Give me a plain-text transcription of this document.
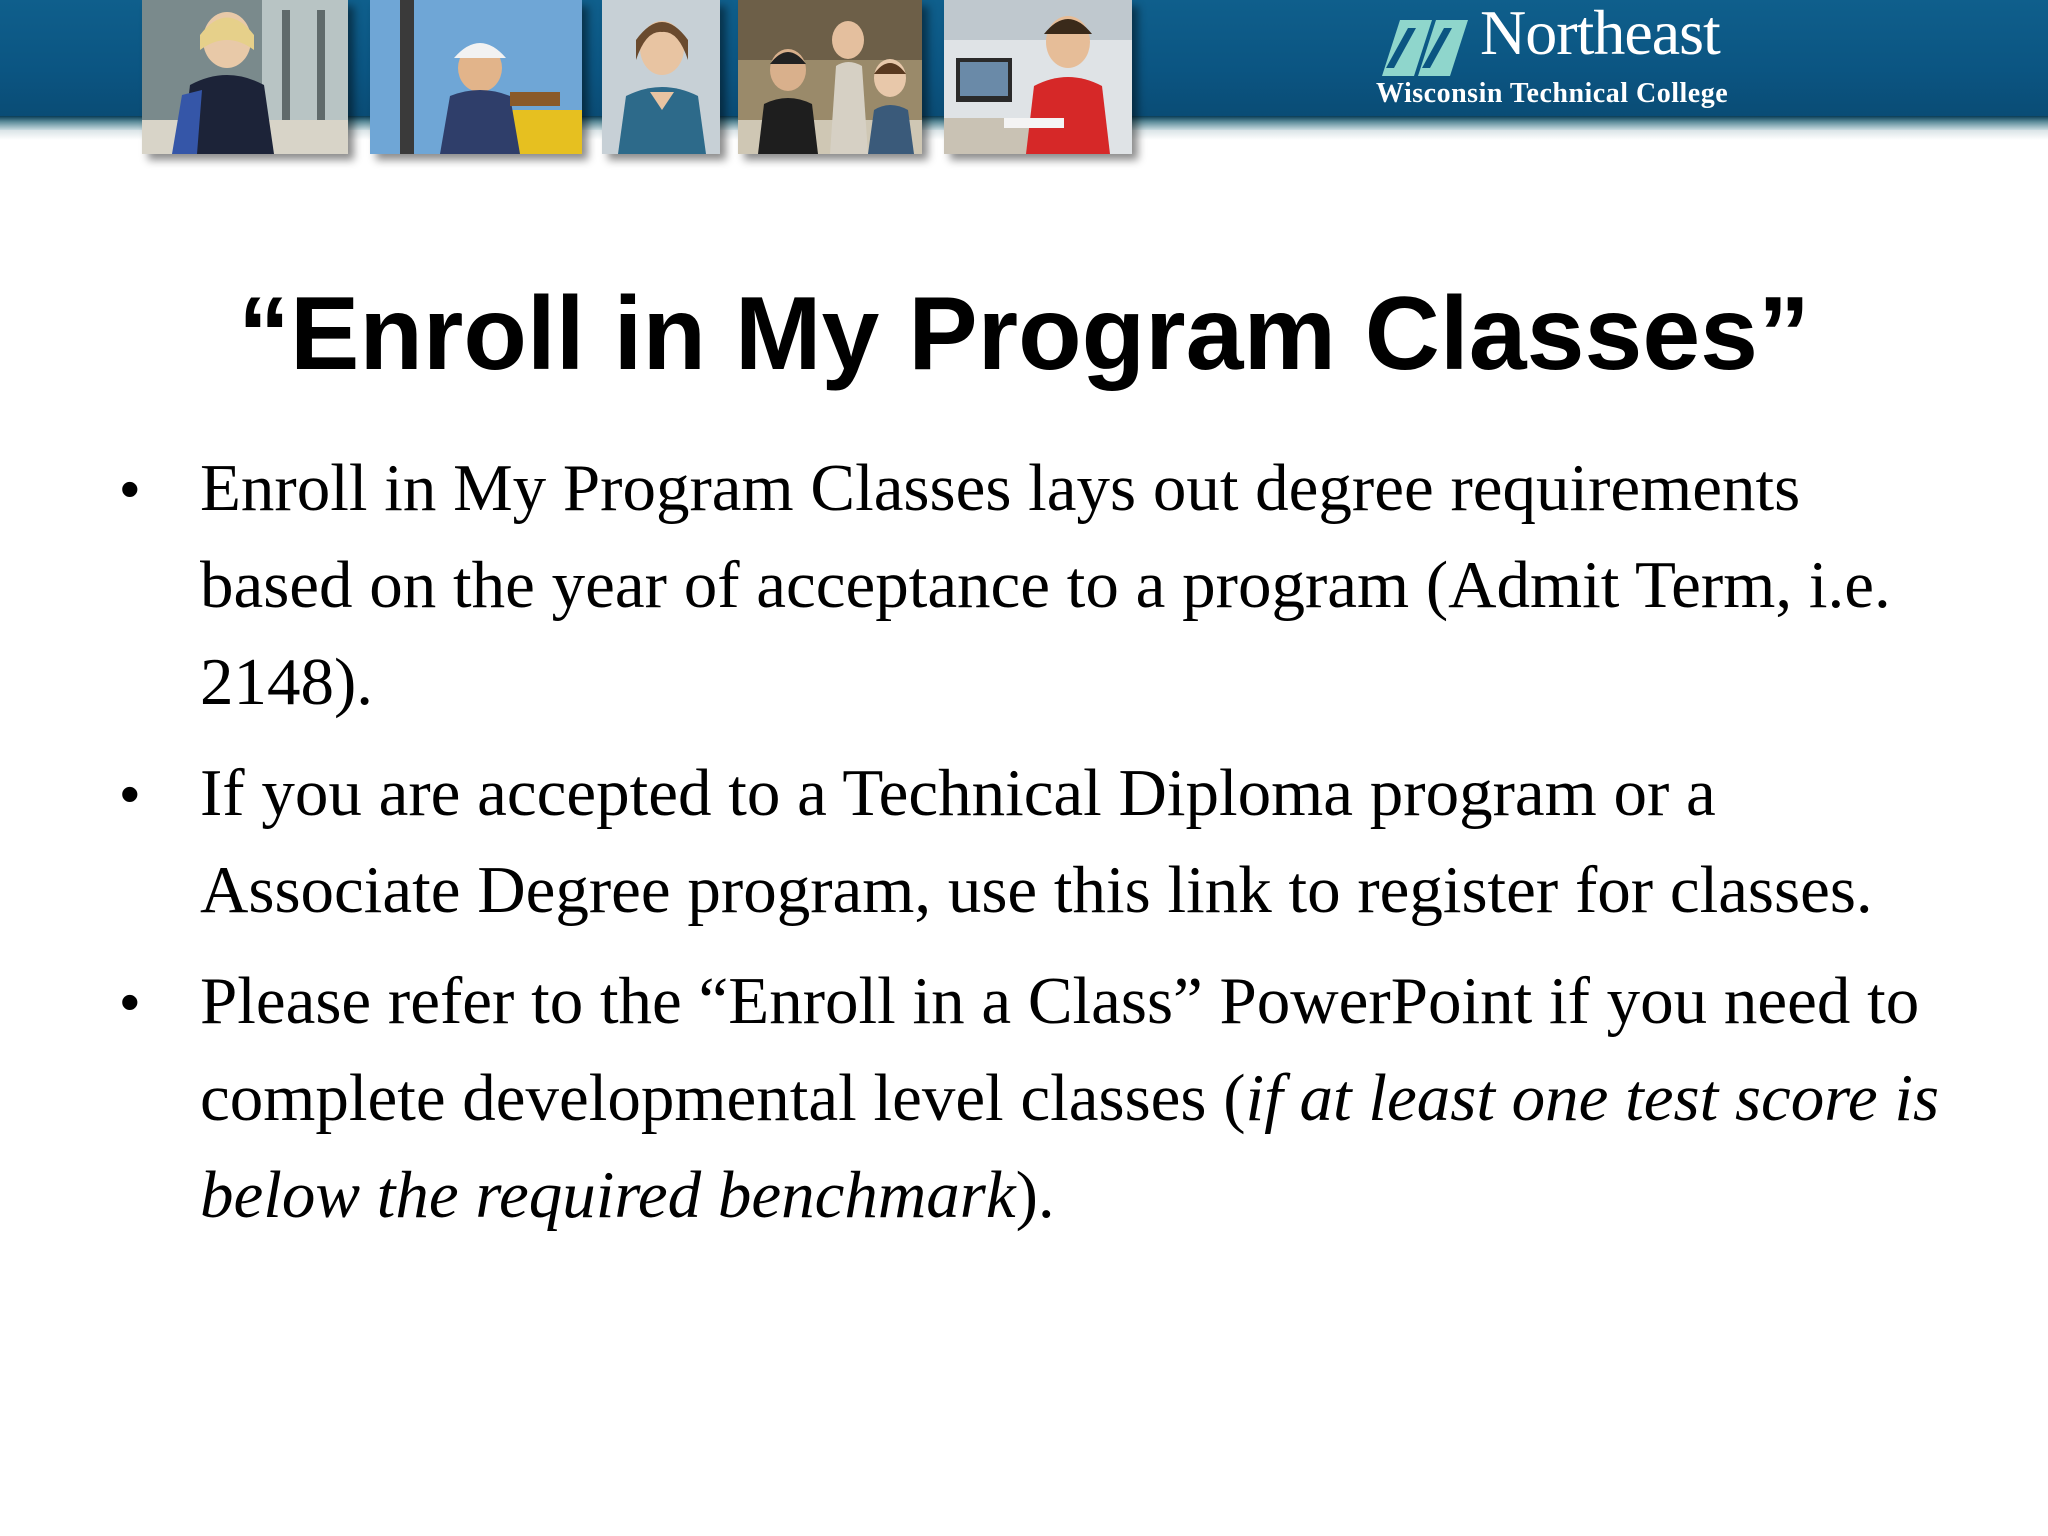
Northeast
Wisconsin Technical College
“Enroll in My Program Classes”
• Enroll in My Program Classes lays out degree requirements based on the year of acceptance to a program (Admit Term, i.e. 2148).
• If you are accepted to a Technical Diploma program or a Associate Degree program, use this link to register for classes.
• Please refer to the “Enroll in a Class” PowerPoint if you need to complete developmental level classes (if at least one test score is below the required benchmark).
